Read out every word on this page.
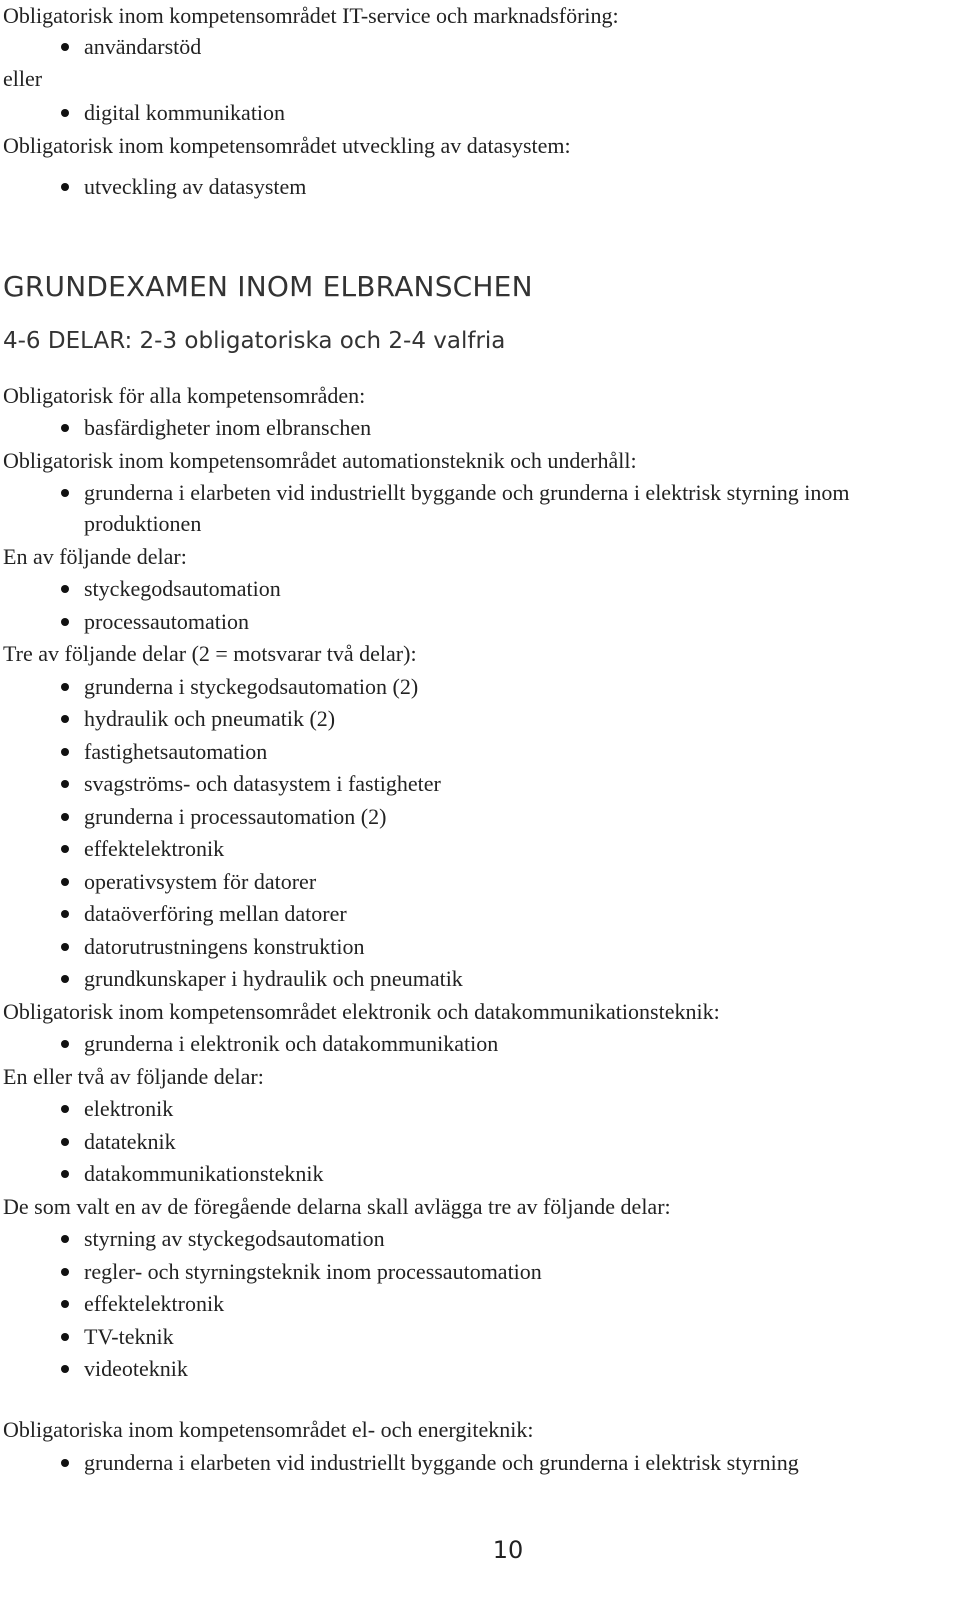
Obligatorisk inom kompetensområdet IT-service och marknadsföring:
användarstöd
eller
digital kommunikation
Obligatorisk inom kompetensområdet utveckling av datasystem:
utveckling av datasystem
GRUNDEXAMEN INOM ELBRANSCHEN
4-6 DELAR: 2-3 obligatoriska och 2-4 valfria
Obligatorisk för alla kompetensområden:
basfärdigheter inom elbranschen
Obligatorisk inom kompetensområdet automationsteknik och underhåll:
grunderna i elarbeten vid industriellt byggande och grunderna i elektrisk styrning inom produktionen
En av följande delar:
styckegodsautomation
processautomation
Tre av följande delar (2 = motsvarar två delar):
grunderna i styckegodsautomation (2)
hydraulik och pneumatik (2)
fastighetsautomation
svagströms- och datasystem i fastigheter
grunderna i processautomation (2)
effektelektronik
operativsystem för datorer
dataöverföring mellan datorer
datorutrustningens konstruktion
grundkunskaper i hydraulik och pneumatik
Obligatorisk inom kompetensområdet elektronik och datakommunikationsteknik:
grunderna i elektronik och datakommunikation
En eller två av följande delar:
elektronik
datateknik
datakommunikationsteknik
De som valt en av de föregående delarna skall avlägga tre av följande delar:
styrning av styckegodsautomation
regler- och styrningsteknik inom processautomation
effektelektronik
TV-teknik
videoteknik
Obligatoriska inom kompetensområdet el- och energiteknik:
grunderna i elarbeten vid industriellt byggande och grunderna i elektrisk styrning
10
